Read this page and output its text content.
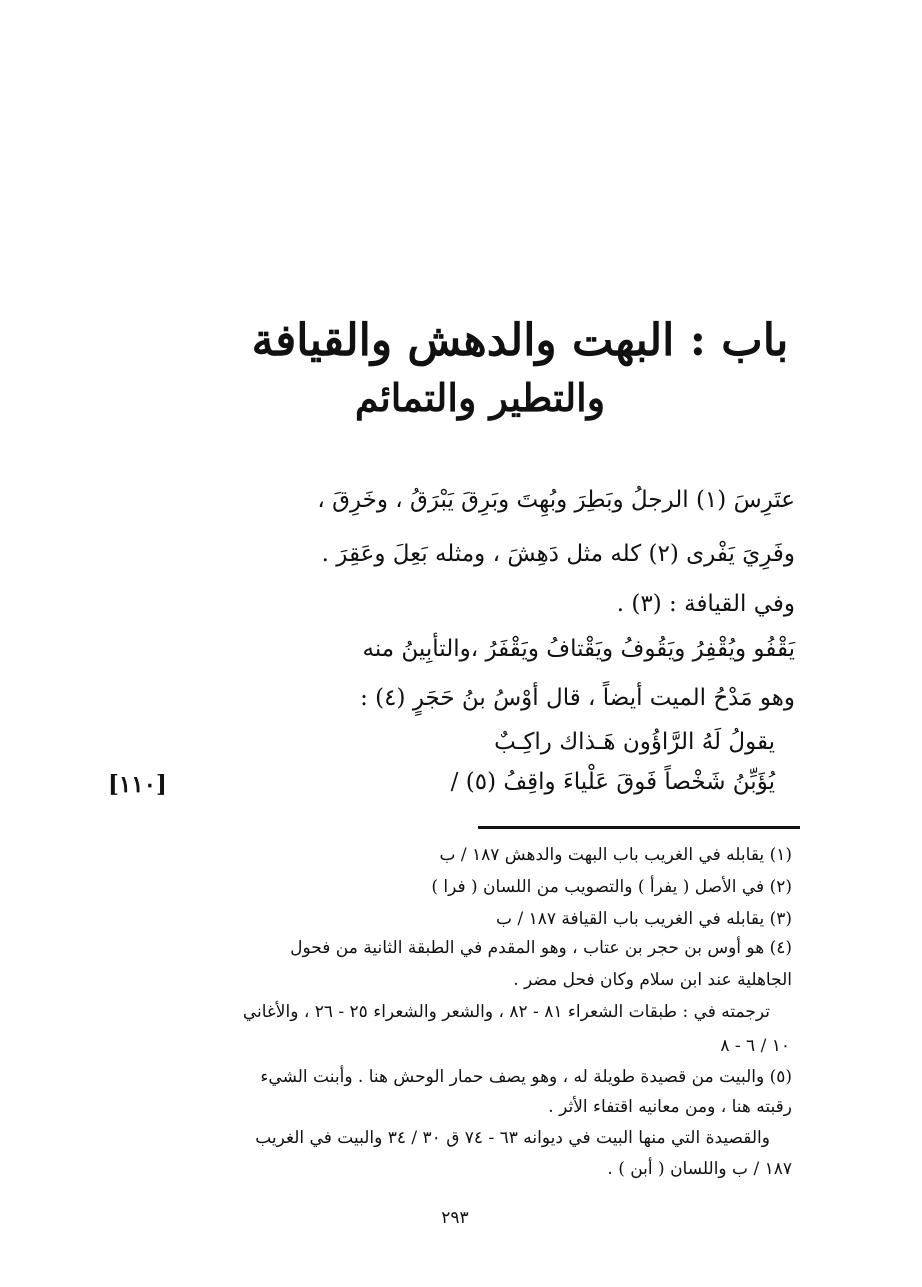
باب : البهت والدهش والقيافة
والتطير والتمائم
عتَرِسَ (١) الرجلُ وبَطِرَ وبُهِتَ وبَرِقَ يَبْرَقُ ، وخَرِقَ ،
وفَرِيَ يَفْرى (٢) كله مثل دَهِشَ ، ومثله بَعِلَ وعَقِرَ .
وفي القيافة : (٣) .
يَقْفُو ويُقْفِرُ ويَقُوفُ ويَقْتافُ ويَقْفَرُ ،والتأبِينُ منه
وهو مَدْحُ الميت أيضاً ، قال أوْسُ بنُ حَجَرٍ (٤) :
يقولُ لَهُ الرَّاؤُون هَـذاك راكِـبٌ
يُؤَبِّنُ شَخْصاً فَوقَ عَلْياءَ واقِفُ (٥) /
[١١٠]
(١) يقابله في الغريب باب البهت والدهش ١٨٧ / ب
(٢) في الأصل ( يفرأ ) والتصويب من اللسان ( فرا )
(٣) يقابله في الغريب باب القيافة ١٨٧ / ب
(٤) هو أوس بن حجر بن عتاب ، وهو المقدم في الطبقة الثانية من فحول
الجاهلية عند ابن سلام وكان فحل مضر .
ترجمته في : طبقات الشعراء ٨١ - ٨٢ ، والشعر والشعراء ٢٥ - ٢٦ ، والأغاني
١٠ / ٦ - ٨
(٥) والبيت من قصيدة طويلة له ، وهو يصف حمار الوحش هنا . وأبنت الشيء
رقبته هنا ، ومن معانيه اقتفاء الأثر .
والقصيدة التي منها البيت في ديوانه ٦٣ - ٧٤ ق ٣٠ / ٣٤ والبيت في الغريب
١٨٧ / ب واللسان ( أبن ) .
٢٩٣
